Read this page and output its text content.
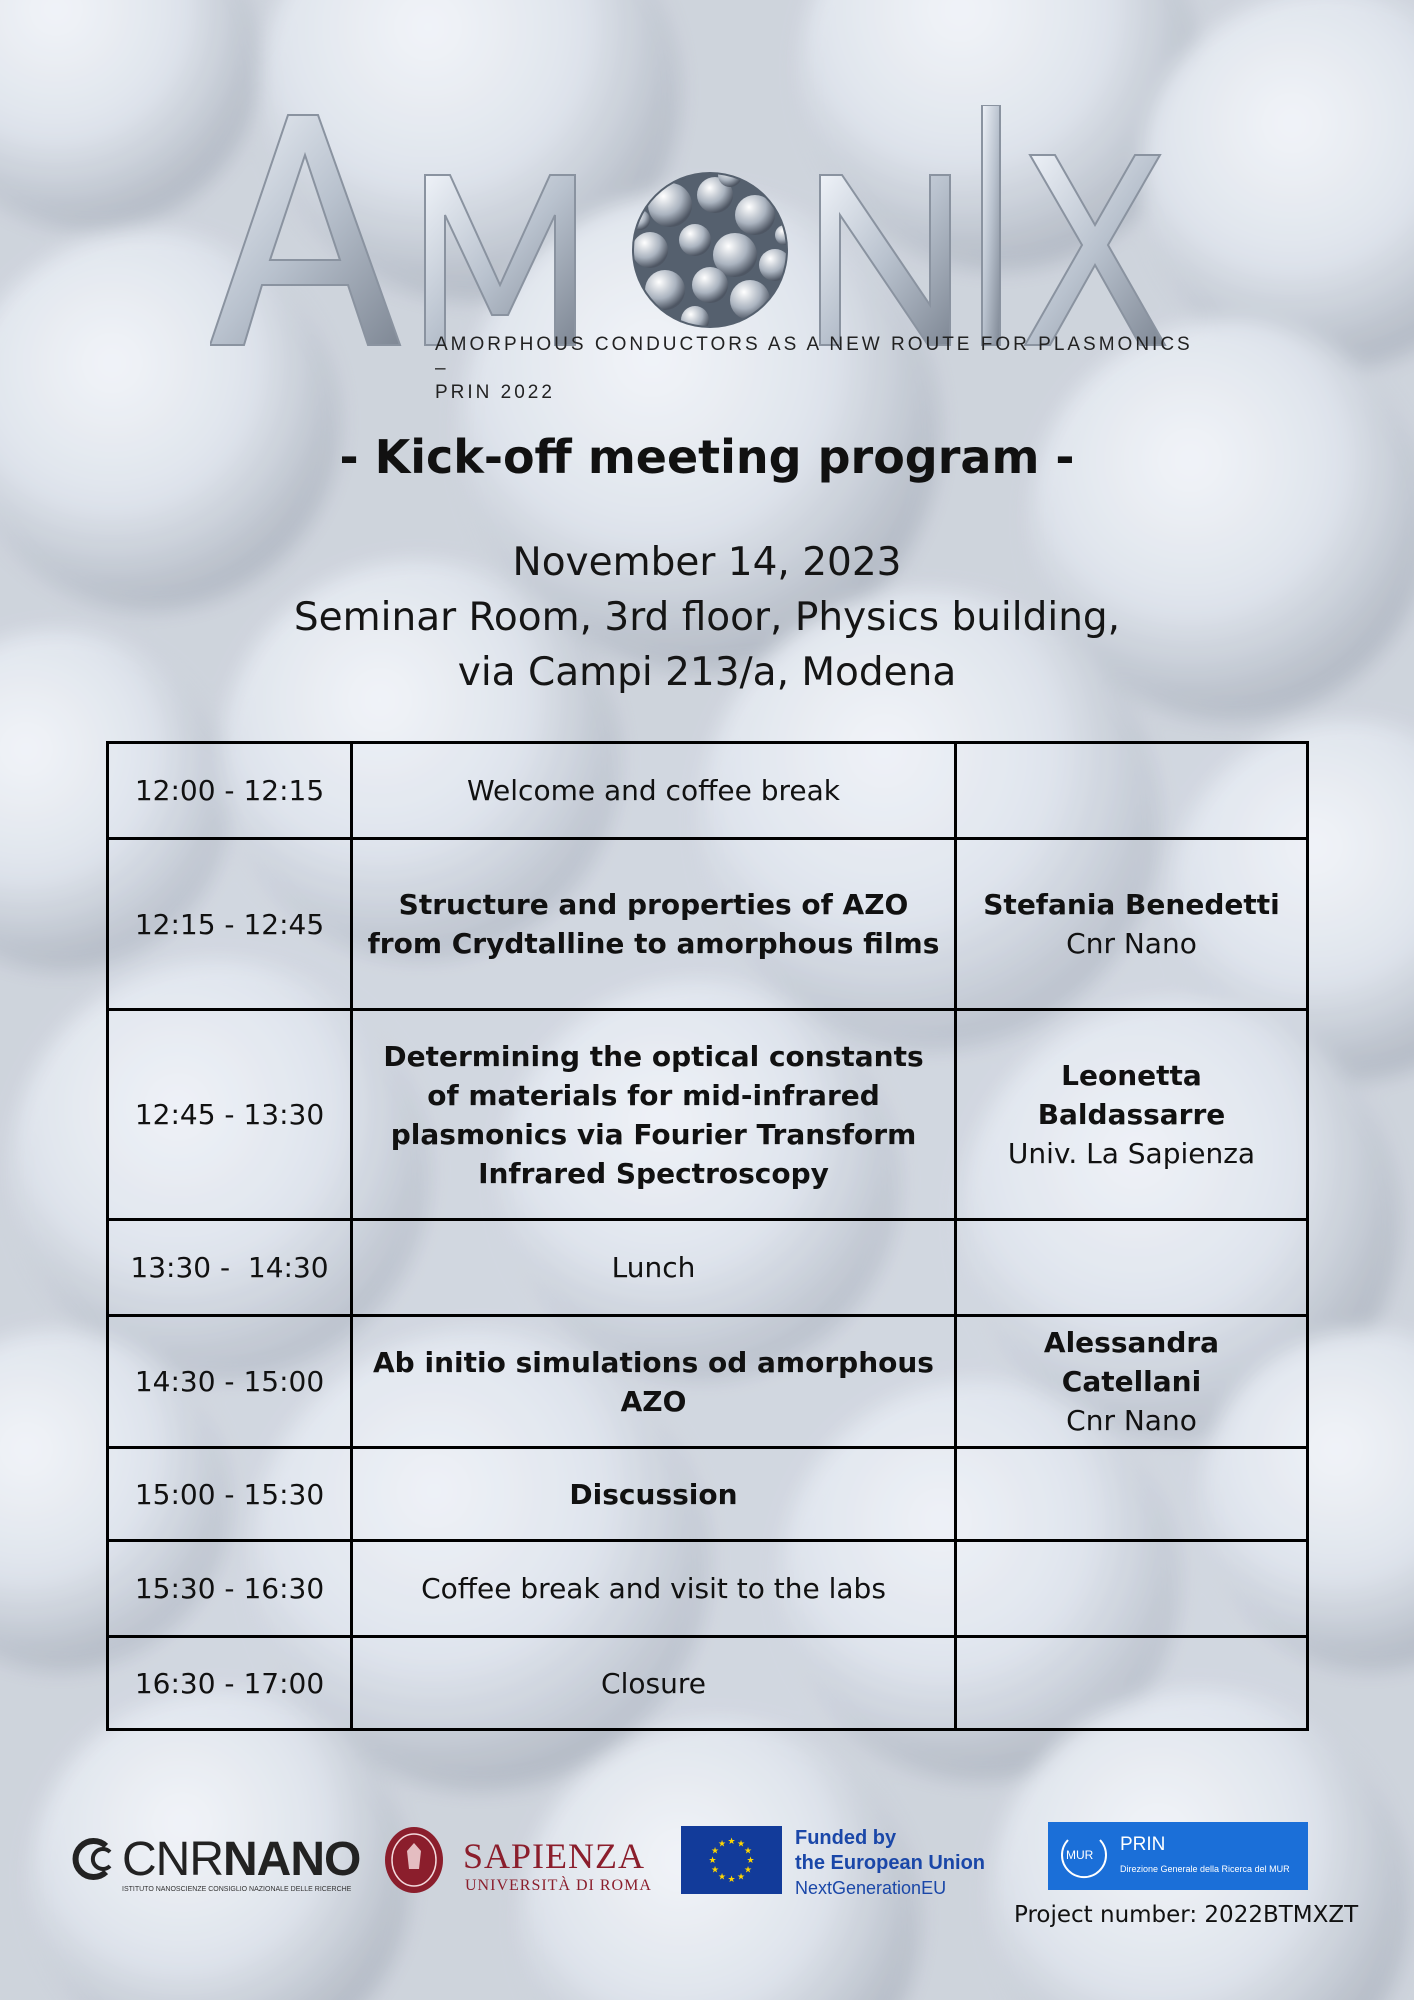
AMORPHOUS CONDUCTORS AS A NEW ROUTE FOR PLASMONICS –
PRIN 2022
- Kick-off meeting program -
November 14, 2023
Seminar Room, 3rd floor, Physics building,
via Campi 213/a, Modena
12:00 - 12:15	Welcome and coffee break	
12:15 - 12:45	Structure and properties of AZO from Crydtalline to amorphous films	Stefania Benedetti
Cnr Nano

12:45 - 13:30	Determining the optical constants of materials for mid-infrared plasmonics via Fourier Transform Infrared Spectroscopy	Leonetta Baldassarre
Univ. La Sapienza

13:30 -  14:30	Lunch	
14:30 - 15:00	Ab initio simulations od amorphous AZO	Alessandra Catellani
Cnr Nano

15:00 - 15:30	Discussion	
15:30 - 16:30	Coffee break and visit to the labs	
16:30 - 17:00	Closure	
CNRNANO
ISTITUTO NANOSCIENZE CONSIGLIO NAZIONALE DELLE RICERCHE
SAPIENZA
UNIVERSITÀ DI ROMA
★ ★
★
★
★
★
★
★
★
★
★
★	Funded by
the European Union
NextGenerationEU
MUR PRIN
Direzione Generale della Ricerca del MUR
Project number: 2022BTMXZT
